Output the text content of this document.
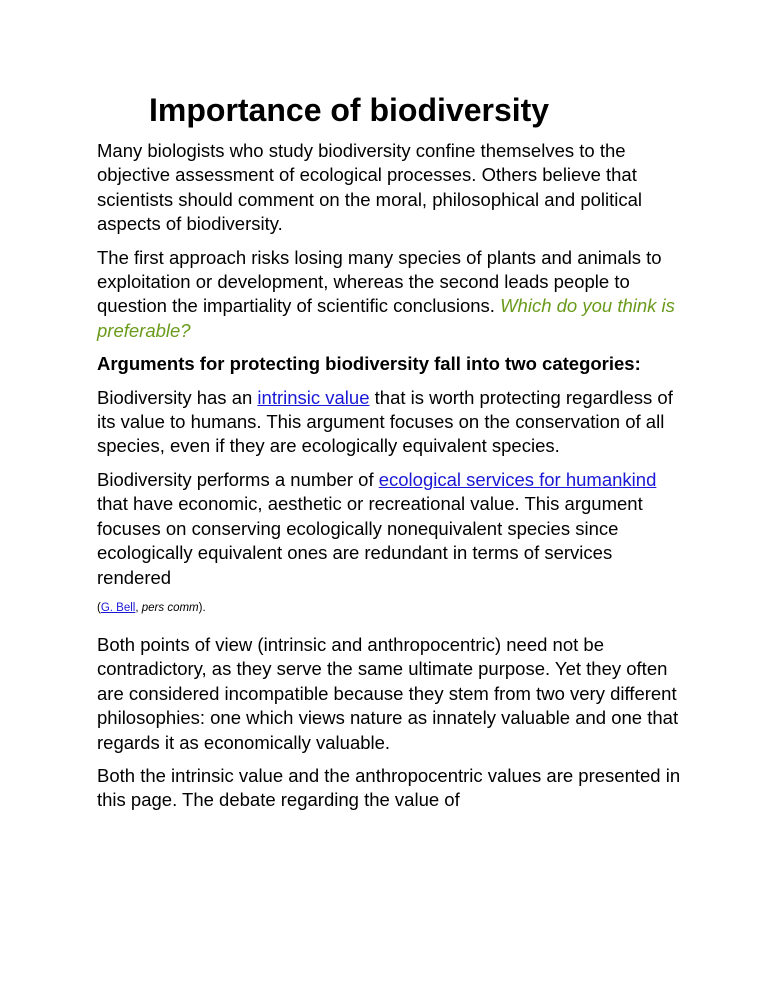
Importance of biodiversity

Many biologists who study biodiversity confine themselves to the objective assessment of ecological processes. Others believe that scientists should comment on the moral, philosophical and political aspects of biodiversity.

The first approach risks losing many species of plants and animals to exploitation or development, whereas the second leads people to question the impartiality of scientific conclusions. Which do you think is preferable?

Arguments for protecting biodiversity fall into two categories:

Biodiversity has an intrinsic value that is worth protecting regardless of its value to humans. This argument focuses on the conservation of all species, even if they are ecologically equivalent species.

Biodiversity performs a number of ecological services for humankind that have economic, aesthetic or recreational value. This argument focuses on conserving ecologically nonequivalent species since ecologically equivalent ones are redundant in terms of services rendered

(G. Bell, pers comm).

Both points of view (intrinsic and anthropocentric) need not be contradictory, as they serve the same ultimate purpose. Yet they often are considered incompatible because they stem from two very different philosophies: one which views nature as innately valuable and one that regards it as economically valuable.

Both the intrinsic value and the anthropocentric values are presented in this page. The debate regarding the value of
